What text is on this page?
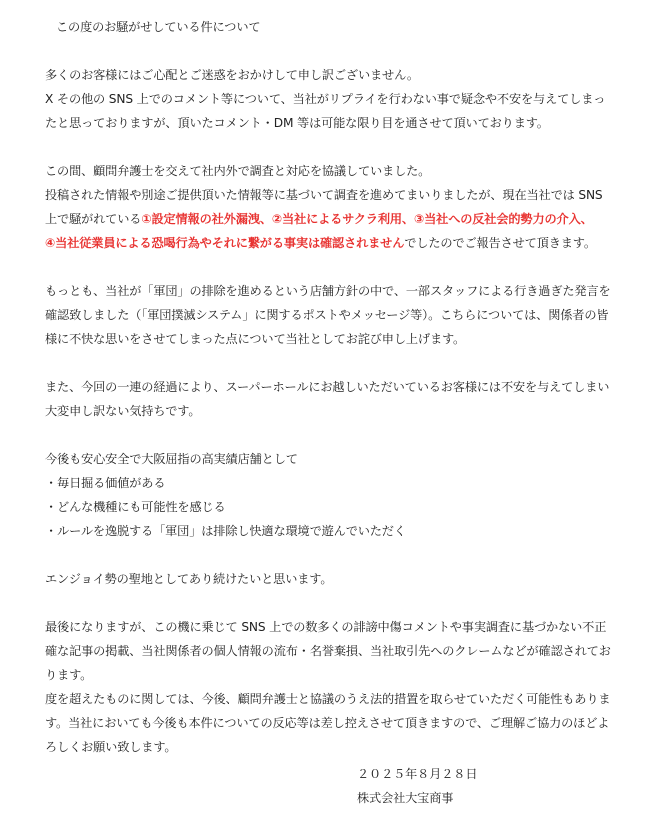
この度のお騒がせしている件について
多くのお客様にはご心配とご迷惑をおかけして申し訳ございません。
X その他の SNS 上でのコメント等について、当社がリプライを行わない事で疑念や不安を与えてしまっ
たと思っておりますが、頂いたコメント・DM 等は可能な限り目を通させて頂いております。
この間、顧問弁護士を交えて社内外で調査と対応を協議していました。
投稿された情報や別途ご提供頂いた情報等に基づいて調査を進めてまいりましたが、現在当社では SNS
上で騒がれている①設定情報の社外漏洩、②当社によるサクラ利用、③当社への反社会的勢力の介入、
④当社従業員による恐喝行為やそれに繋がる事実は確認されませんでしたのでご報告させて頂きます。
もっとも、当社が「軍団」の排除を進めるという店舗方針の中で、一部スタッフによる行き過ぎた発言を
確認致しました（「軍団撲滅システム」に関するポストやメッセージ等）。こちらについては、関係者の皆
様に不快な思いをさせてしまった点について当社としてお詫び申し上げます。
また、今回の一連の経過により、スーパーホールにお越しいただいているお客様には不安を与えてしまい
大変申し訳ない気持ちです。
今後も安心安全で大阪屈指の高実績店舗として
・毎日掘る価値がある
・どんな機種にも可能性を感じる
・ルールを逸脱する「軍団」は排除し快適な環境で遊んでいただく
エンジョイ勢の聖地としてあり続けたいと思います。
最後になりますが、この機に乗じて SNS 上での数多くの誹謗中傷コメントや事実調査に基づかない不正
確な記事の掲載、当社関係者の個人情報の流布・名誉棄損、当社取引先へのクレームなどが確認されてお
ります。
度を超えたものに関しては、今後、顧問弁護士と協議のうえ法的措置を取らせていただく可能性もありま
す。当社においても今後も本件についての反応等は差し控えさせて頂きますので、ご理解ご協力のほどよ
ろしくお願い致します。
２０２５年８月２８日
株式会社大宝商事
